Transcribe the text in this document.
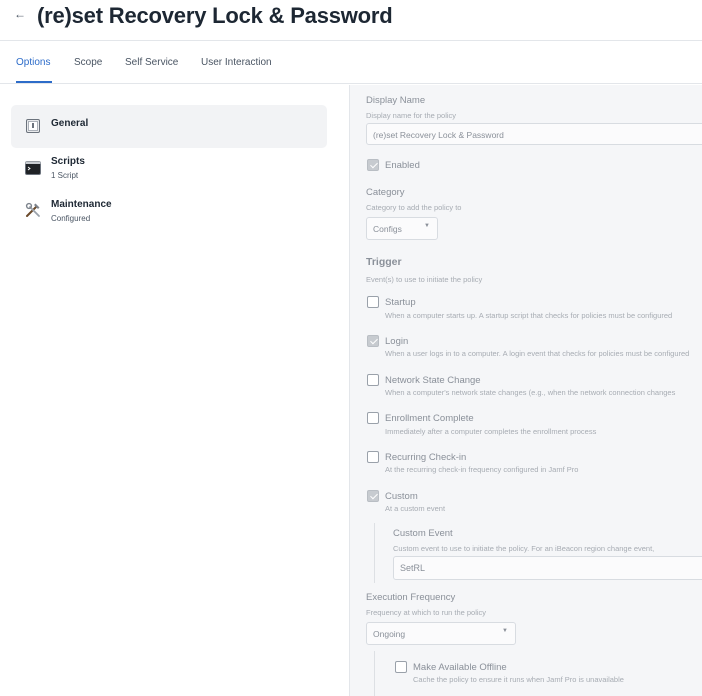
← (re)set Recovery Lock & Password
Options Scope Self Service User Interaction
General
Scripts
1 Script
Maintenance
Configured
Display Name
Display name for the policy
(re)set Recovery Lock & Password
Enabled
Category
Category to add the policy to
Configs	▼
Trigger
Event(s) to use to initiate the policy
Startup
When a computer starts up. A startup script that checks for policies must be configured
Login
When a user logs in to a computer. A login event that checks for policies must be configured
Network State Change
When a computer's network state changes (e.g., when the network connection changes
Enrollment Complete
Immediately after a computer completes the enrollment process
Recurring Check-in
At the recurring check-in frequency configured in Jamf Pro
Custom
At a custom event
Custom Event
Custom event to use to initiate the policy. For an iBeacon region change event,
SetRL
Execution Frequency
Frequency at which to run the policy
Ongoing	▼
Make Available Offline
Cache the policy to ensure it runs when Jamf Pro is unavailable
